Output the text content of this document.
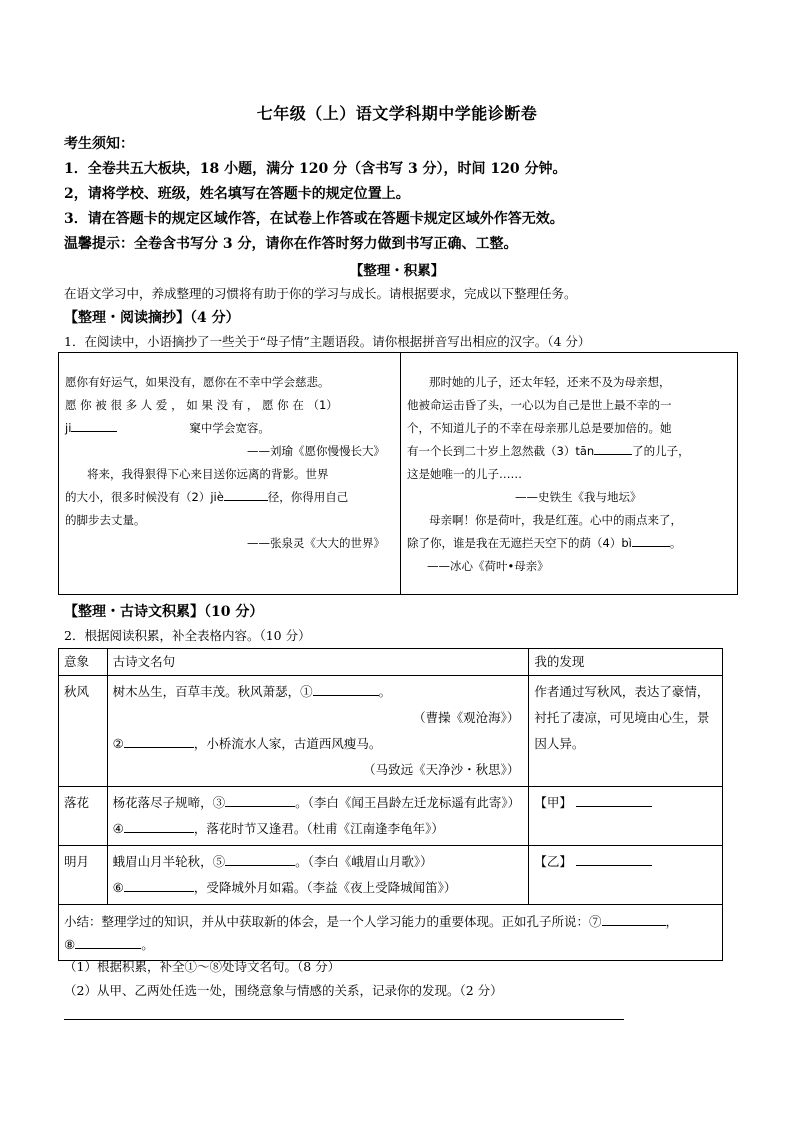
七年级（上）语文学科期中学能诊断卷
考生须知：
1．全卷共五大板块，18 小题，满分 120 分（含书写 3 分），时间 120 分钟。
2，请将学校、班级，姓名填写在答题卡的规定位置上。
3．请在答题卡的规定区域作答，在试卷上作答或在答题卡规定区域外作答无效。
温馨提示：全卷含书写分 3 分，请你在作答时努力做到书写正确、工整。
【整理・积累】
在语文学习中，养成整理的习惯将有助于你的学习与成长。请根据要求，完成以下整理任务。
【整理・阅读摘抄】（4 分）
1．在阅读中，小语摘抄了一些关于“母子情”主题语段。请你根据拼音写出相应的汉字。（4 分）
愿你有好运气，如果没有，愿你在不幸中学会慈悲。
愿 你 被 很 多 人 爱 ， 如 果 没 有 ， 愿 你 在 （1）
ji	窠中学会宽容。
——刘瑜《愿你慢慢长大》
将来，我得狠得下心来目送你远离的背影。世界
的大小，很多时候没有（2）jiè	径，你得用自己
的脚步去丈量。
——张泉灵《大大的世界》
那时她的儿子，还太年轻，还来不及为母亲想，
他被命运击昏了头，一心以为自己是世上最不幸的一
个，不知道儿子的不幸在母亲那儿总是要加倍的。她
有一个长到二十岁上忽然截（3）tān	了的儿子，
这是她唯一的儿子……
——史铁生《我与地坛》
母亲啊！你是荷叶，我是红莲。心中的雨点来了，
除了你，谁是我在无遮拦天空下的荫（4）bì	。
——冰心《荷叶•母亲》
【整理・古诗文积累】（10 分）
2．根据阅读积累，补全表格内容。（10 分）
意象	古诗文名句	我的发现
秋风	树木丛生，百草丰茂。秋风萧瑟，① 。
（曹操《观沧海》）
② ，小桥流水人家，古道西风瘦马。
（马致远《天净沙・秋思》）	作者通过写秋风，表达了豪情，衬托了凄凉，可见境由心生，景因人异。
落花	杨花落尽子规啼，③ 。（李白《闻王昌龄左迁龙标遥有此寄》）
④ ，落花时节又逢君。（杜甫《江南逢李龟年》）	【甲】
明月	蛾眉山月半轮秋，⑤ 。（李白《峨眉山月歌》）
⑥ ，受降城外月如霜。（李益《夜上受降城闻笛》）	【乙】

小结：整理学过的知识，并从中获取新的体会，是一个人学习能力的重要体现。正如孔子所说：⑦ ，
⑧ 。		
（1）根据积累，补全①～⑧处诗文名句。（8 分）
（2）从甲、乙两处任选一处，围绕意象与情感的关系，记录你的发现。（2 分）
